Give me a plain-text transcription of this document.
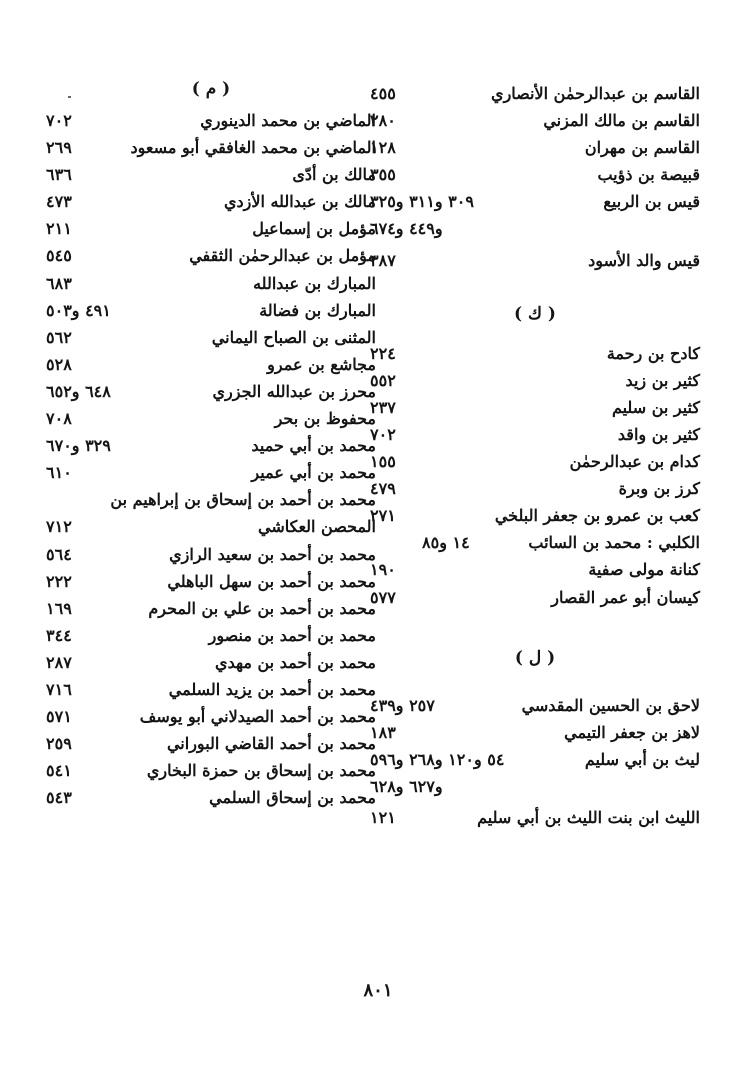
القاسم بن عبدالرحمٰن الأنصاري
٤٥٥
القاسم بن مالك المزني
٢٨٠
القاسم بن مهران
١٢٨
قبيصة بن ذؤيب
٣٥٥
قيس بن الربيع
٣٠٩ و٣١١ و٣٢٥
و٤٤٩ و٦٧٤
قيس والد الأسود
٣٨٧
( ك )
كادح بن رحمة
٢٢٤
كثير بن زيد
٥٥٢
كثير بن سليم
٢٣٧
كثير بن واقد
٧٠٢
كدام بن عبدالرحمٰن
١٥٥
كرز بن وبرة
٤٧٩
كعب بن عمرو بن جعفر البلخي
٢٧١
الكلبي : محمد بن السائب
١٤ و٨٥
كنانة مولى صفية
١٩٠
كيسان أبو عمر القصار
٥٧٧
( ل )
لاحق بن الحسين المقدسي
٢٥٧ و٤٣٩
لاهز بن جعفر التيمي
١٨٣
ليث بن أبي سليم
٥٤ و١٢٠ و٢٦٨ و٥٩٦
و٦٢٧ و٦٢٨
الليث ابن بنت الليث بن أبي سليم
١٢١
( م )
الماضي بن محمد الدينوري
٧٠٢
الماضي بن محمد الغافقي أبو مسعود
٢٦٩
مالك بن أدّى
٦٣٦
مالك بن عبدالله الأزدي
٤٧٣
مؤمل بن إسماعيل
٢١١
مؤمل بن عبدالرحمٰن الثقفي
٥٤٥
المبارك بن عبدالله
٦٨٣
المبارك بن فضالة
٤٩١ و٥٠٣
المثنى بن الصباح اليماني
٥٦٢
مجاشع بن عمرو
٥٢٨
محرز بن عبدالله الجزري
٦٤٨ و٦٥٢
محفوظ بن بحر
٧٠٨
محمد بن أبي حميد
٣٢٩ و٦٧٠
محمد بن أبي عمير
٦١٠
محمد بن أحمد بن إسحاق بن إبراهيم بن
المحصن العكاشي
٧١٢
محمد بن أحمد بن سعيد الرازي
٥٦٤
محمد بن أحمد بن سهل الباهلي
٢٢٢
محمد بن أحمد بن علي بن المحرم
١٦٩
محمد بن أحمد بن منصور
٣٤٤
محمد بن أحمد بن مهدي
٢٨٧
محمد بن أحمد بن يزيد السلمي
٧١٦
محمد بن أحمد الصيدلاني أبو يوسف
٥٧١
محمد بن أحمد القاضي البوراني
٢٥٩
محمد بن إسحاق بن حمزة البخاري
٥٤١
محمد بن إسحاق السلمي
٥٤٣
٨٠١
